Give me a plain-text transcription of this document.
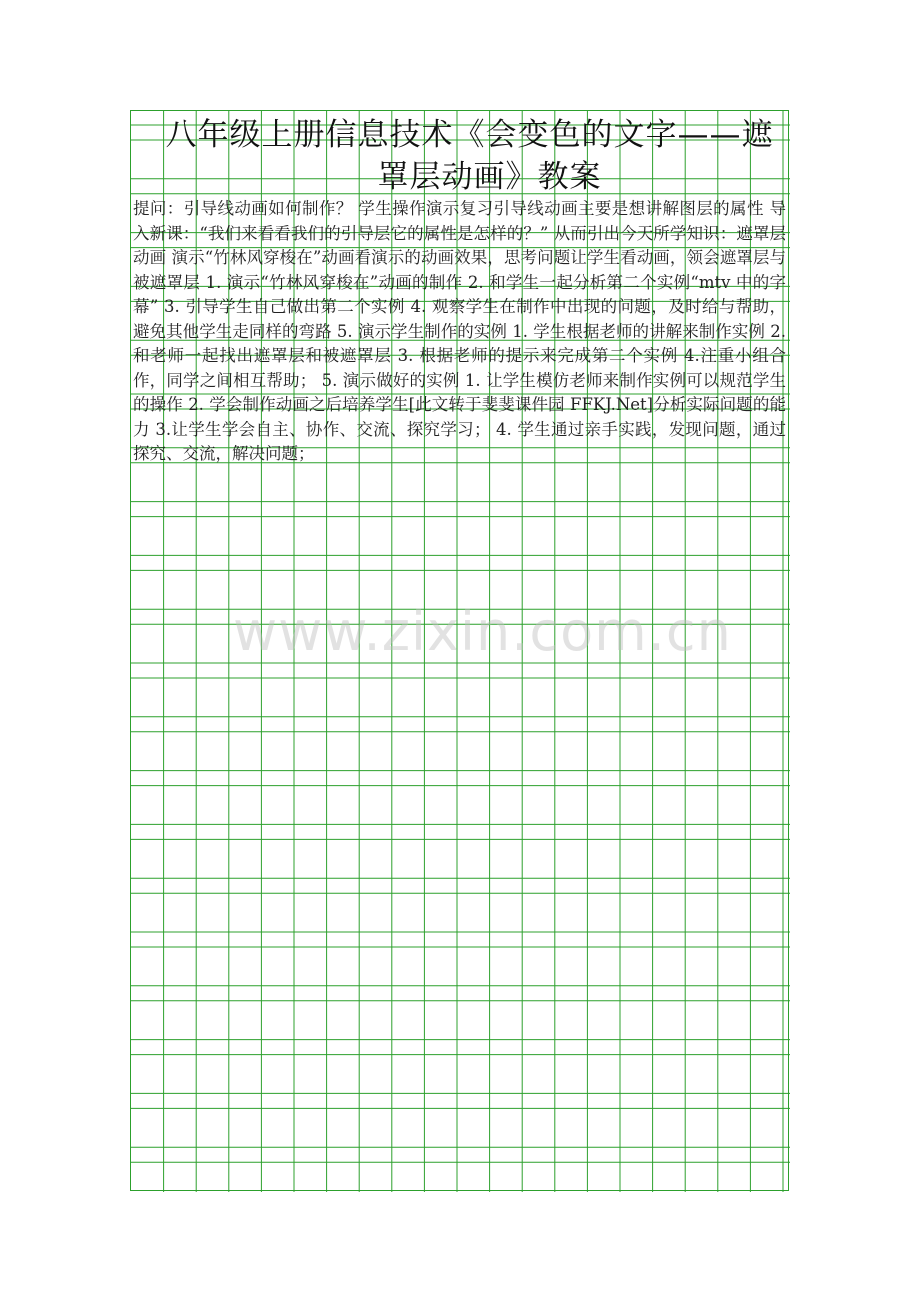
八年级上册信息技术《会变色的文字——遮
罩层动画》教案

提问：引导线动画如何制作？ 学生操作演示复习引导线动画主要是想讲解图层的属性 导入新课：“我们来看看我们的引导层它的属性是怎样的？” 从而引出今天所学知识：遮罩层动画 演示“竹林风穿梭在”动画看演示的动画效果，思考问题让学生看动画，领会遮罩层与被遮罩层 1. 演示“竹林风穿梭在”动画的制作 2. 和学生一起分析第二个实例“mtv 中的字幕” 3. 引导学生自己做出第二个实例 4. 观察学生在制作中出现的问题，及时给与帮助，避免其他学生走同样的弯路 5. 演示学生制作的实例 1. 学生根据老师的讲解来制作实例 2. 和老师一起找出遮罩层和被遮罩层 3. 根据老师的提示来完成第二个实例 4.注重小组合作，同学之间相互帮助； 5. 演示做好的实例 1. 让学生模仿老师来制作实例可以规范学生的操作 2. 学会制作动画之后培养学生[此文转于斐斐课件园 FFKJ.Net]分析实际问题的能力 3.让学生学会自主、协作、交流、探究学习； 4. 学生通过亲手实践，发现问题，通过探究、交流，解决问题；

www.zixin.com.cn
